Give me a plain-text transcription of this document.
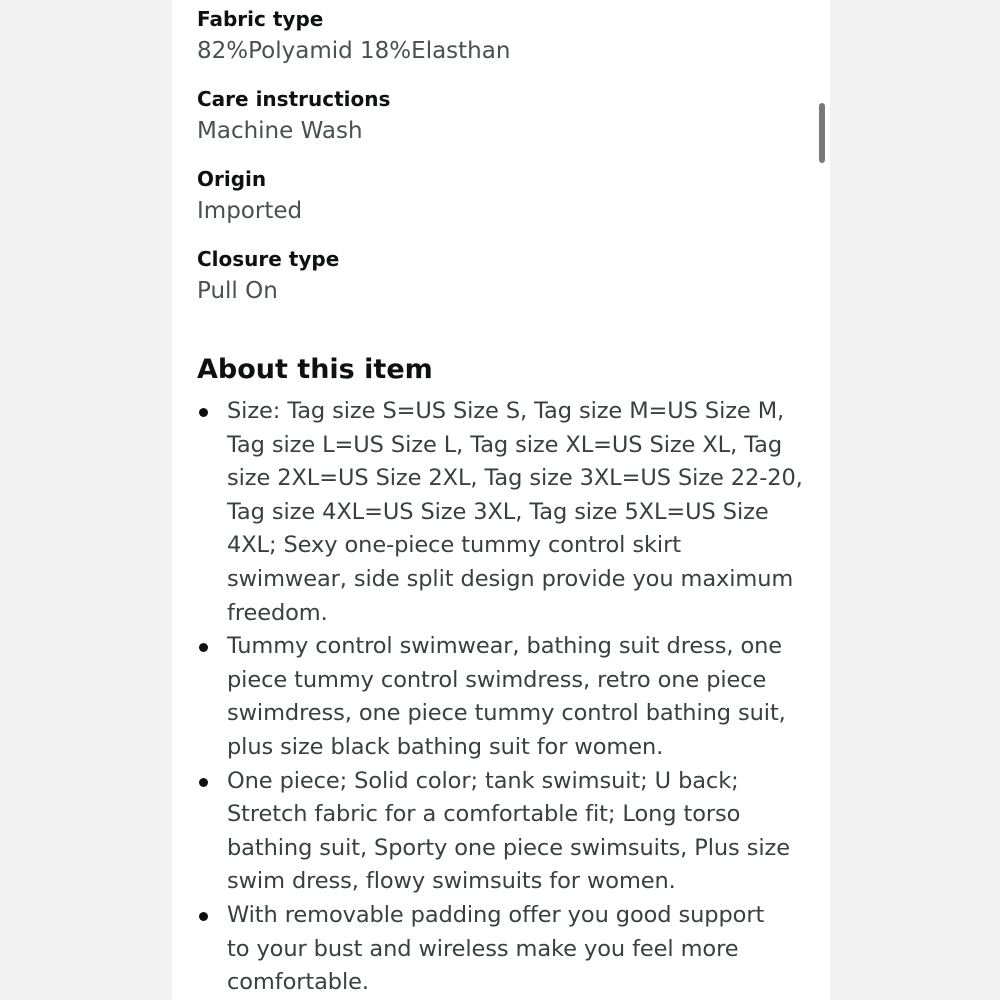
Fabric type
82%Polyamid 18%Elasthan
Care instructions
Machine Wash
Origin
Imported
Closure type
Pull On
About this item
Size: Tag size S=US Size S, Tag size M=US Size M,
Tag size L=US Size L, Tag size XL=US Size XL, Tag
size 2XL=US Size 2XL, Tag size 3XL=US Size 22-20,
Tag size 4XL=US Size 3XL, Tag size 5XL=US Size
4XL; Sexy one-piece tummy control skirt
swimwear, side split design provide you maximum
freedom.
Tummy control swimwear, bathing suit dress, one
piece tummy control swimdress, retro one piece
swimdress, one piece tummy control bathing suit,
plus size black bathing suit for women.
One piece; Solid color; tank swimsuit; U back;
Stretch fabric for a comfortable fit; Long torso
bathing suit, Sporty one piece swimsuits, Plus size
swim dress, flowy swimsuits for women.
With removable padding offer you good support
to your bust and wireless make you feel more
comfortable.
